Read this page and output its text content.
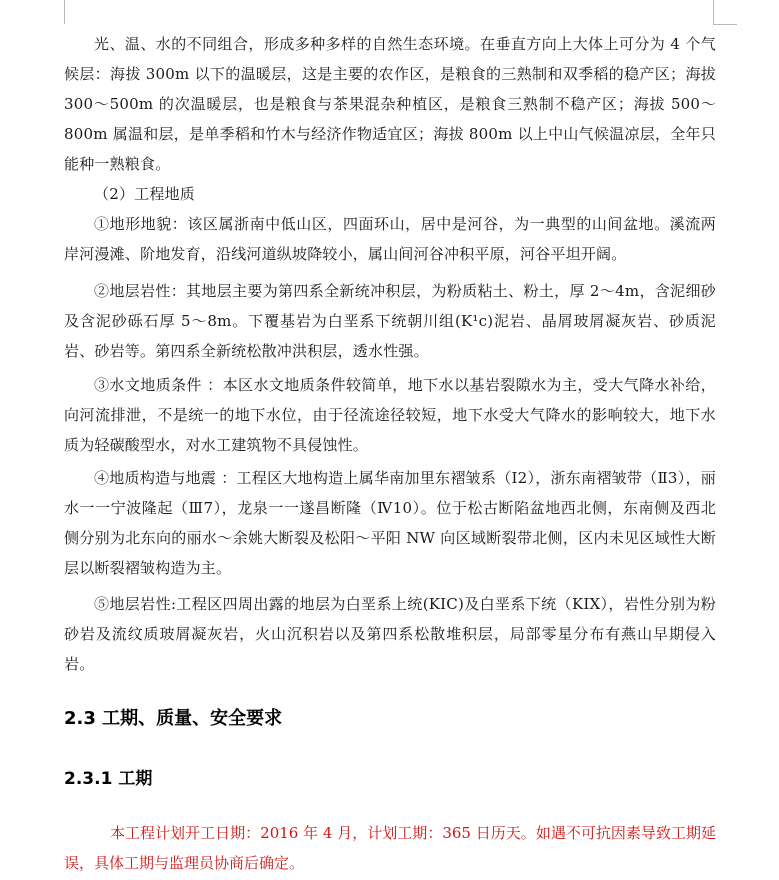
光、温、水的不同组合，形成多种多样的自然生态环境。在垂直方向上大体上可分为 4 个气候层：海拔 300m 以下的温暖层，这是主要的农作区，是粮食的三熟制和双季稻的稳产区；海拔 300～500m 的次温暖层，也是粮食与茶果混杂种植区，是粮食三熟制不稳产区；海拔 500～800m 属温和层，是单季稻和竹木与经济作物适宜区；海拔 800m 以上中山气候温凉层，全年只能种一熟粮食。

（2）工程地质

➀地形地貌：该区属浙南中低山区，四面环山，居中是河谷，为一典型的山间盆地。溪流两岸河漫滩、阶地发育，沿线河道纵坡降较小，属山间河谷冲积平原，河谷平坦开阔。

➁地层岩性：其地层主要为第四系全新统冲积层，为粉质粘土、粉土，厚 2～4m，含泥细砂及含泥砂砾石厚 5～8m。下覆基岩为白垩系下统朝川组(K¹c)泥岩、晶屑玻屑凝灰岩、砂质泥岩、砂岩等。第四系全新统松散冲洪积层，透水性强。

➂水文地质条件 ：本区水文地质条件较简单，地下水以基岩裂隙水为主，受大气降水补给，向河流排泄，不是统一的地下水位，由于径流途径较短，地下水受大气降水的影响较大，地下水质为轻碳酸型水，对水工建筑物不具侵蚀性。

➃地质构造与地震 ：工程区大地构造上属华南加里东褶皱系（Ⅰ2），浙东南褶皱带（Ⅱ3），丽水一一宁波隆起（Ⅲ7），龙泉一一遂昌断隆（Ⅳ10）。位于松古断陷盆地西北侧，东南侧及西北侧分别为北东向的丽水～余姚大断裂及松阳～平阳 NW 向区域断裂带北侧，区内未见区域性大断层以断裂褶皱构造为主。

➄地层岩性:工程区四周出露的地层为白垩系上统(KIC)及白垩系下统（KIX），岩性分别为粉砂岩及流纹质玻屑凝灰岩，火山沉积岩以及第四系松散堆积层，局部零星分布有燕山早期侵入岩。

2.3 工期、质量、安全要求
2.3.1 工期

本工程计划开工日期：2016 年 4 月，计划工期：365 日历天。如遇不可抗因素导致工期延误，具体工期与监理员协商后确定。
